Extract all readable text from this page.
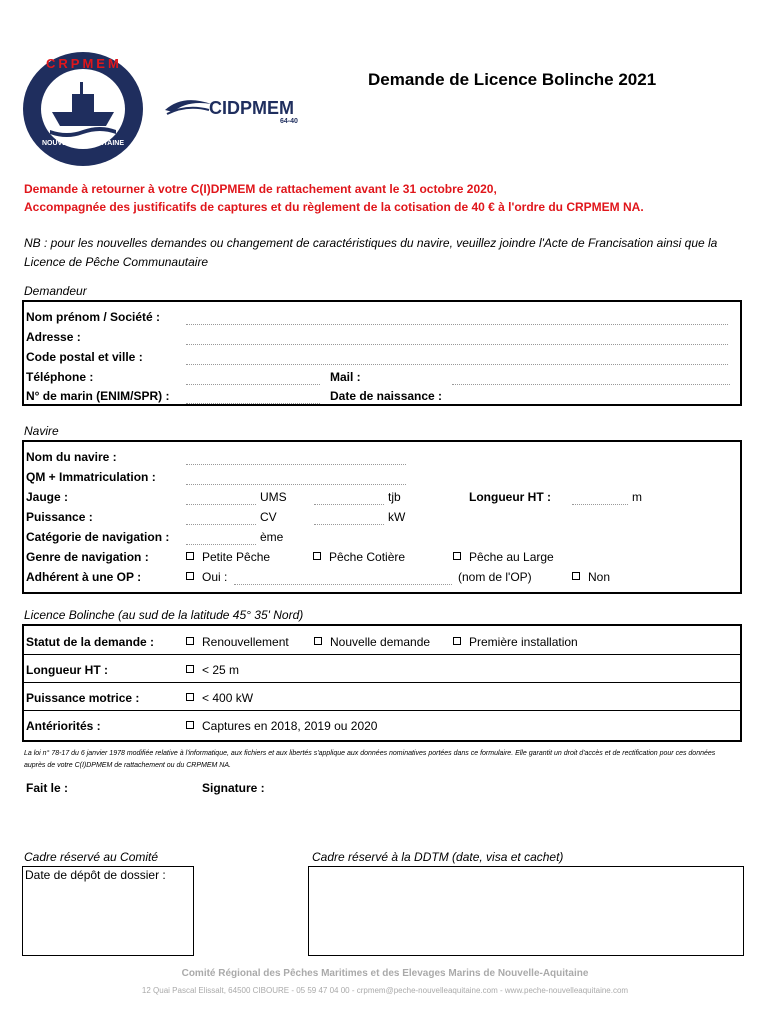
CRPMEM
NOUVELLE - AQUITAINE
CIDPMEM
64-40
Demande de Licence Bolinche 2021
Demande à retourner à votre C(I)DPMEM de rattachement avant le 31 octobre 2020,
Accompagnée des justificatifs de captures et du règlement de la cotisation de 40 € à l'ordre du CRPMEM NA.
NB : pour les nouvelles demandes ou changement de caractéristiques du navire, veuillez joindre l'Acte de Francisation ainsi que la Licence de Pêche Communautaire
Demandeur
Nom prénom / Société :
Adresse :
Code postal et ville :
Téléphone :	Mail :
N° de marin (ENIM/SPR) :	Date de naissance :
Navire
Nom du navire :
QM + Immatriculation :
Jauge :	UMS	tjb	Longueur HT :	m
Puissance :	CV	kW
Catégorie de navigation :	ème
Genre de navigation :	Petite Pêche	Pêche Cotière	Pêche au Large
Adhérent à une OP :	Oui :	(nom de l'OP)	Non
Licence Bolinche (au sud de la latitude 45° 35' Nord)
Statut de la demande :	Renouvellement	Nouvelle demande	Première installation
Longueur HT :	< 25 m
Puissance motrice :	< 400 kW
Antériorités :	Captures en 2018, 2019 ou 2020
La loi n° 78-17 du 6 janvier 1978 modifiée relative à l'informatique, aux fichiers et aux libertés s'applique aux données nominatives portées dans ce formulaire. Elle garantit un droit d'accès et de rectification pour ces données auprès de votre C(I)DPMEM de rattachement ou du CRPMEM NA.
Fait le :	Signature :
Cadre réservé au Comité
Date de dépôt de dossier :
Cadre réservé à la DDTM (date, visa et cachet)
Comité Régional des Pêches Maritimes et des Elevages Marins de Nouvelle-Aquitaine
12 Quai Pascal Elissalt, 64500 CIBOURE - 05 59 47 04 00 - crpmem@peche-nouvelleaquitaine.com - www.peche-nouvelleaquitaine.com
